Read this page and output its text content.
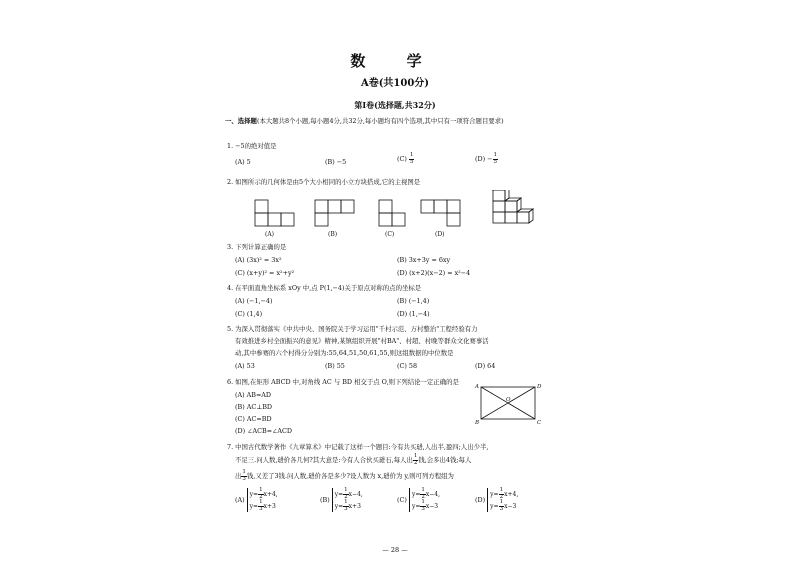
数 学
A卷(共100分)
第Ⅰ卷(选择题,共32分)
一、选择题(本大题共8个小题,每小题4分,共32分,每小题均有四个选项,其中只有一项符合题目要求)
1. −5的绝对值是
(A) 5	(B) −5	$(C) \frac{1}{5}$	$(D) - \frac{1}{5}$
2. 如图所示的几何体是由5个大小相同的小立方块搭成,它的主视图是
(A)	(B)	(C)	(D)
3. 下列计算正确的是
(A) (3x)² = 3x²	(B) 3x+3y = 6xy
(C) (x+y)² = x²+y²	(D) (x+2)(x−2) = x²−4
4. 在平面直角坐标系 xOy 中,点 P(1,−4)关于原点对称的点的坐标是
(A) (−1,−4)	(B) (−1,4)
(C) (1,4)	(D) (1,−4)
5. 为深入贯彻落实《中共中央、国务院关于学习运用"千村示范、万村整治"工程经验有力
有效推进乡村全面振兴的意见》精神,某镇组织开展"村BA"、村超、村晚等群众文化赛事活
动,其中参赛的六个村得分分别为:55,64,51,50,61,55,则这组数据的中位数是
(A) 53	(B) 55	(C) 58	(D) 64
6. 如图,在矩形 ABCD 中,对角线 AC 与 BD 相交于点 O,则下列结论一定正确的是
(A) AB=AD
(B) AC⊥BD
(C) AC=BD
(D) ∠ACB=∠ACD
A	D
O
B	C
7. 中国古代数学著作《九章算术》中记载了这样一个题目:今有共买琎,人出半,盈四;人出少半,
不足三.问人数,琎价各几何?其大意是:今有人合伙买琎石,每人出 $\frac{1}{2}$ 钱,会多出4钱;每人
出 $\frac{1}{3}$ 钱,又差了3钱.问人数,琎价各是多少?设人数为 x,琎价为 y,则可列方程组为
(A) $y= \frac{1}{2} x+4$,
$y= \frac{1}{3} x+3$
(B) $y= \frac{1}{2} x-4$,
$y= \frac{1}{3} x+3$
(C) $y= \frac{1}{2} x-4$,
$y= \frac{1}{3} x-3$
(D) $y= \frac{1}{2} x+4$,
$y= \frac{1}{3} x-3$
— 28 —
